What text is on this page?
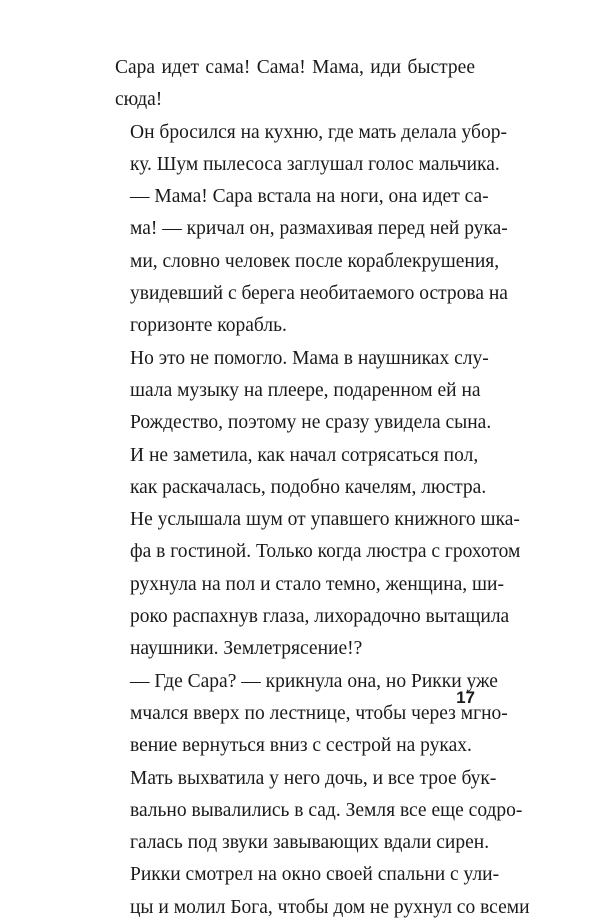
Сара идет сама! Сама! Мама, иди быстрее
сюда!

Он бросился на кухню, где мать делала убор-
ку. Шум пылесоса заглушал голос мальчика.

— Мама! Сара встала на ноги, она идет са-
ма! — кричал он, размахивая перед ней рука-
ми, словно человек после кораблекрушения,
увидевший с берега необитаемого острова на
горизонте корабль.

Но это не помогло. Мама в наушниках слу-
шала музыку на плеере, подаренном ей на
Рождество, поэтому не сразу увидела сына.
И не заметила, как начал сотрясаться пол,
как раскачалась, подобно качелям, люстра.
Не услышала шум от упавшего книжного шка-
фа в гостиной. Только когда люстра с грохотом
рухнула на пол и стало темно, женщина, ши-
роко распахнув глаза, лихорадочно вытащила
наушники. Землетрясение!?

— Где Сара? — крикнула она, но Рикки уже
мчался вверх по лестнице, чтобы через мгно-
вение вернуться вниз с сестрой на руках.

Мать выхватила у него дочь, и все трое бук-
вально вывалились в сад. Земля все еще содро-
галась под звуки завывающих вдали сирен.

Рикки смотрел на окно своей спальни с ули-
цы и молил Бога, чтобы дом не рухнул со всеми

17
